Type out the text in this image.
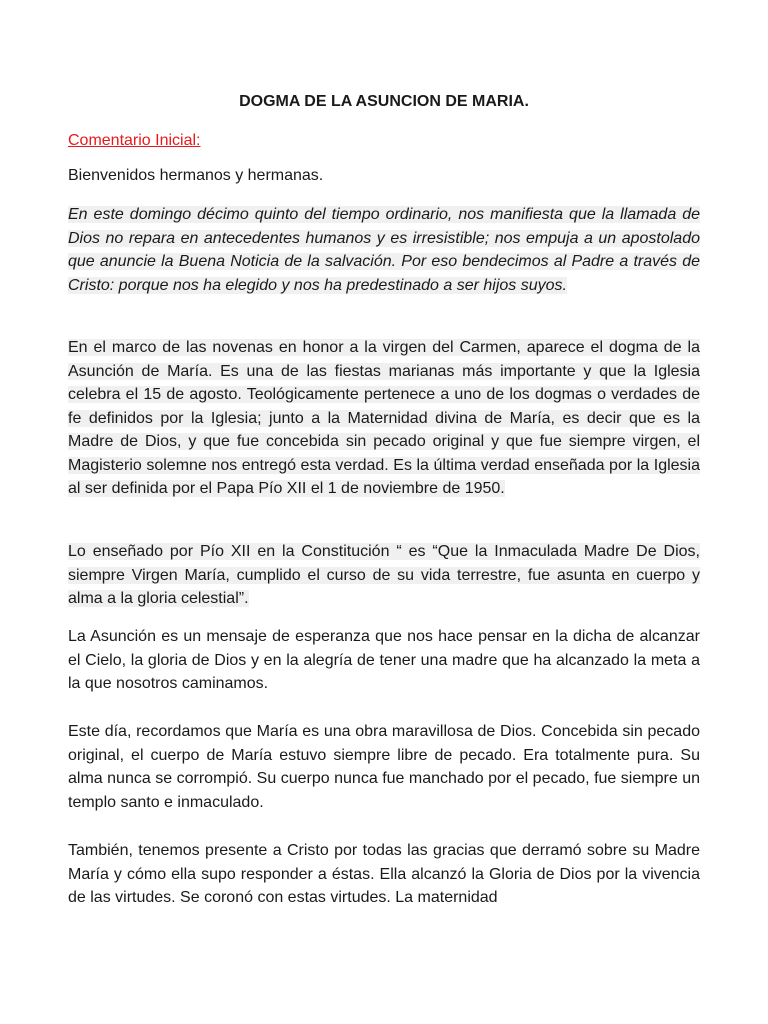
DOGMA DE LA ASUNCION DE MARIA.

Comentario Inicial:

Bienvenidos hermanos y hermanas.

En este domingo décimo quinto del tiempo ordinario, nos manifiesta que la llamada de Dios no repara en antecedentes humanos y es irresistible; nos empuja a un apostolado que anuncie la Buena Noticia de la salvación. Por eso bendecimos al Padre a través de Cristo: porque nos ha elegido y nos ha predestinado a ser hijos suyos.

En el marco de las novenas en honor a la virgen del Carmen, aparece el dogma de la Asunción de María. Es una de las fiestas marianas más importante y que la Iglesia celebra el 15 de agosto. Teológicamente pertenece a uno de los dogmas o verdades de fe definidos por la Iglesia; junto a la Maternidad divina de María, es decir que es la Madre de Dios, y que fue concebida sin pecado original y que fue siempre virgen, el Magisterio solemne nos entregó esta verdad. Es la última verdad enseñada por la Iglesia al ser definida por el Papa Pío XII el 1 de noviembre de 1950.

Lo enseñado por Pío XII en la Constitución “ es “Que la Inmaculada Madre De Dios, siempre Virgen María, cumplido el curso de su vida terrestre, fue asunta en cuerpo y alma a la gloria celestial”.

La Asunción es un mensaje de esperanza que nos hace pensar en la dicha de alcanzar el Cielo, la gloria de Dios y en la alegría de tener una madre que ha alcanzado la meta a la que nosotros caminamos.

Este día, recordamos que María es una obra maravillosa de Dios. Concebida sin pecado original, el cuerpo de María estuvo siempre libre de pecado. Era totalmente pura. Su alma nunca se corrompió. Su cuerpo nunca fue manchado por el pecado, fue siempre un templo santo e inmaculado.

También, tenemos presente a Cristo por todas las gracias que derramó sobre su Madre María y cómo ella supo responder a éstas. Ella alcanzó la Gloria de Dios por la vivencia de las virtudes. Se coronó con estas virtudes. La maternidad
